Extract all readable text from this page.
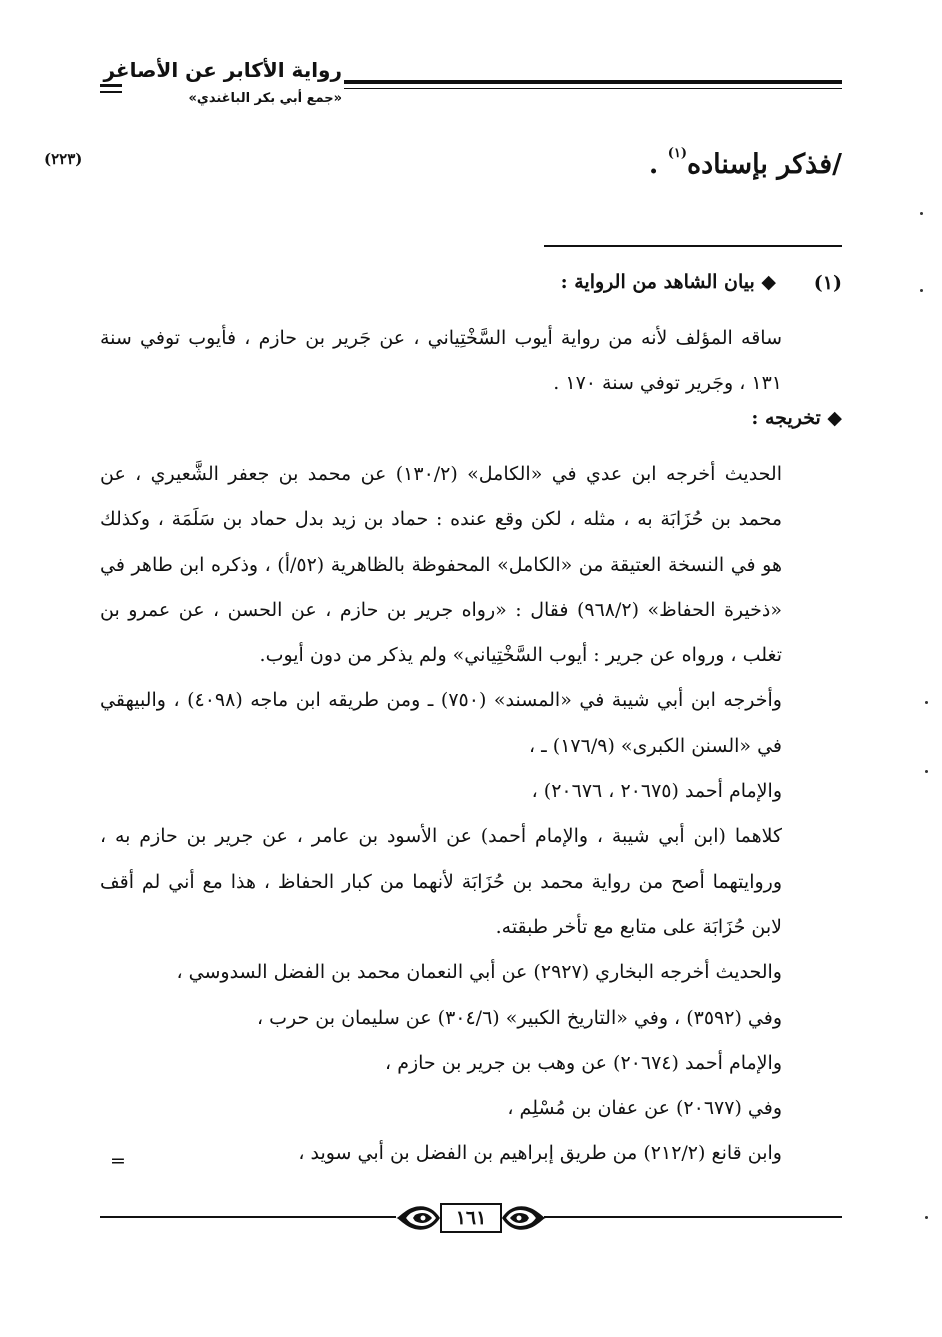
رواية الأكابر عن الأصاغر
«جمع أبي بكر الباغندي»
(٢٢٣)	/فذكر بإسناده$^{(١)}$ .
(١)
◆ بيان الشاهد من الرواية :
ساقه المؤلف لأنه من رواية أيوب السَّخْتِياني ، عن جَرير بن حازم ، فأيوب توفي سنة
١٣١ ، وجَرير توفي سنة ١٧٠ .
◆ تخريجه :
الحديث أخرجه ابن عدي في «الكامل» (١٣٠/٢) عن محمد بن جعفر الشَّعيري ، عن
محمد بن حُزَابَة به ، مثله ، لكن وقع عنده : حماد بن زيد بدل حماد بن سَلَمَة ، وكذلك
هو في النسخة العتيقة من «الكامل» المحفوظة بالظاهرية (٥٢/أ) ، وذكره ابن طاهر في
«ذخيرة الحفاظ» (٩٦٨/٢) فقال : «رواه جرير بن حازم ، عن الحسن ، عن عمرو بن
تغلب ، ورواه عن جرير : أيوب السَّخْتِياني» ولم يذكر من دون أيوب.
وأخرجه ابن أبي شيبة في «المسند» (٧٥٠) ـ ومن طريقه ابن ماجه (٤٠٩٨) ، والبيهقي
في «السنن الكبرى» (١٧٦/٩) ـ ،
والإمام أحمد (٢٠٦٧٥ ، ٢٠٦٧٦) ،
كلاهما (ابن أبي شيبة ، والإمام أحمد) عن الأسود بن عامر ، عن جرير بن حازم به ،
وروايتهما أصح من رواية محمد بن حُزَابَة لأنهما من كبار الحفاظ ، هذا مع أني لم أقف
لابن حُزَابَة على متابع مع تأخر طبقته.
والحديث أخرجه البخاري (٢٩٢٧) عن أبي النعمان محمد بن الفضل السدوسي ،
وفي (٣٥٩٢) ، وفي «التاريخ الكبير» (٣٠٤/٦) عن سليمان بن حرب ،
والإمام أحمد (٢٠٦٧٤) عن وهب بن جرير بن حازم ،
وفي (٢٠٦٧٧) عن عفان بن مُسْلِم ،
وابن قانع (٢١٢/٢) من طريق إبراهيم بن الفضل بن أبي سويد ،
=
١٦١
